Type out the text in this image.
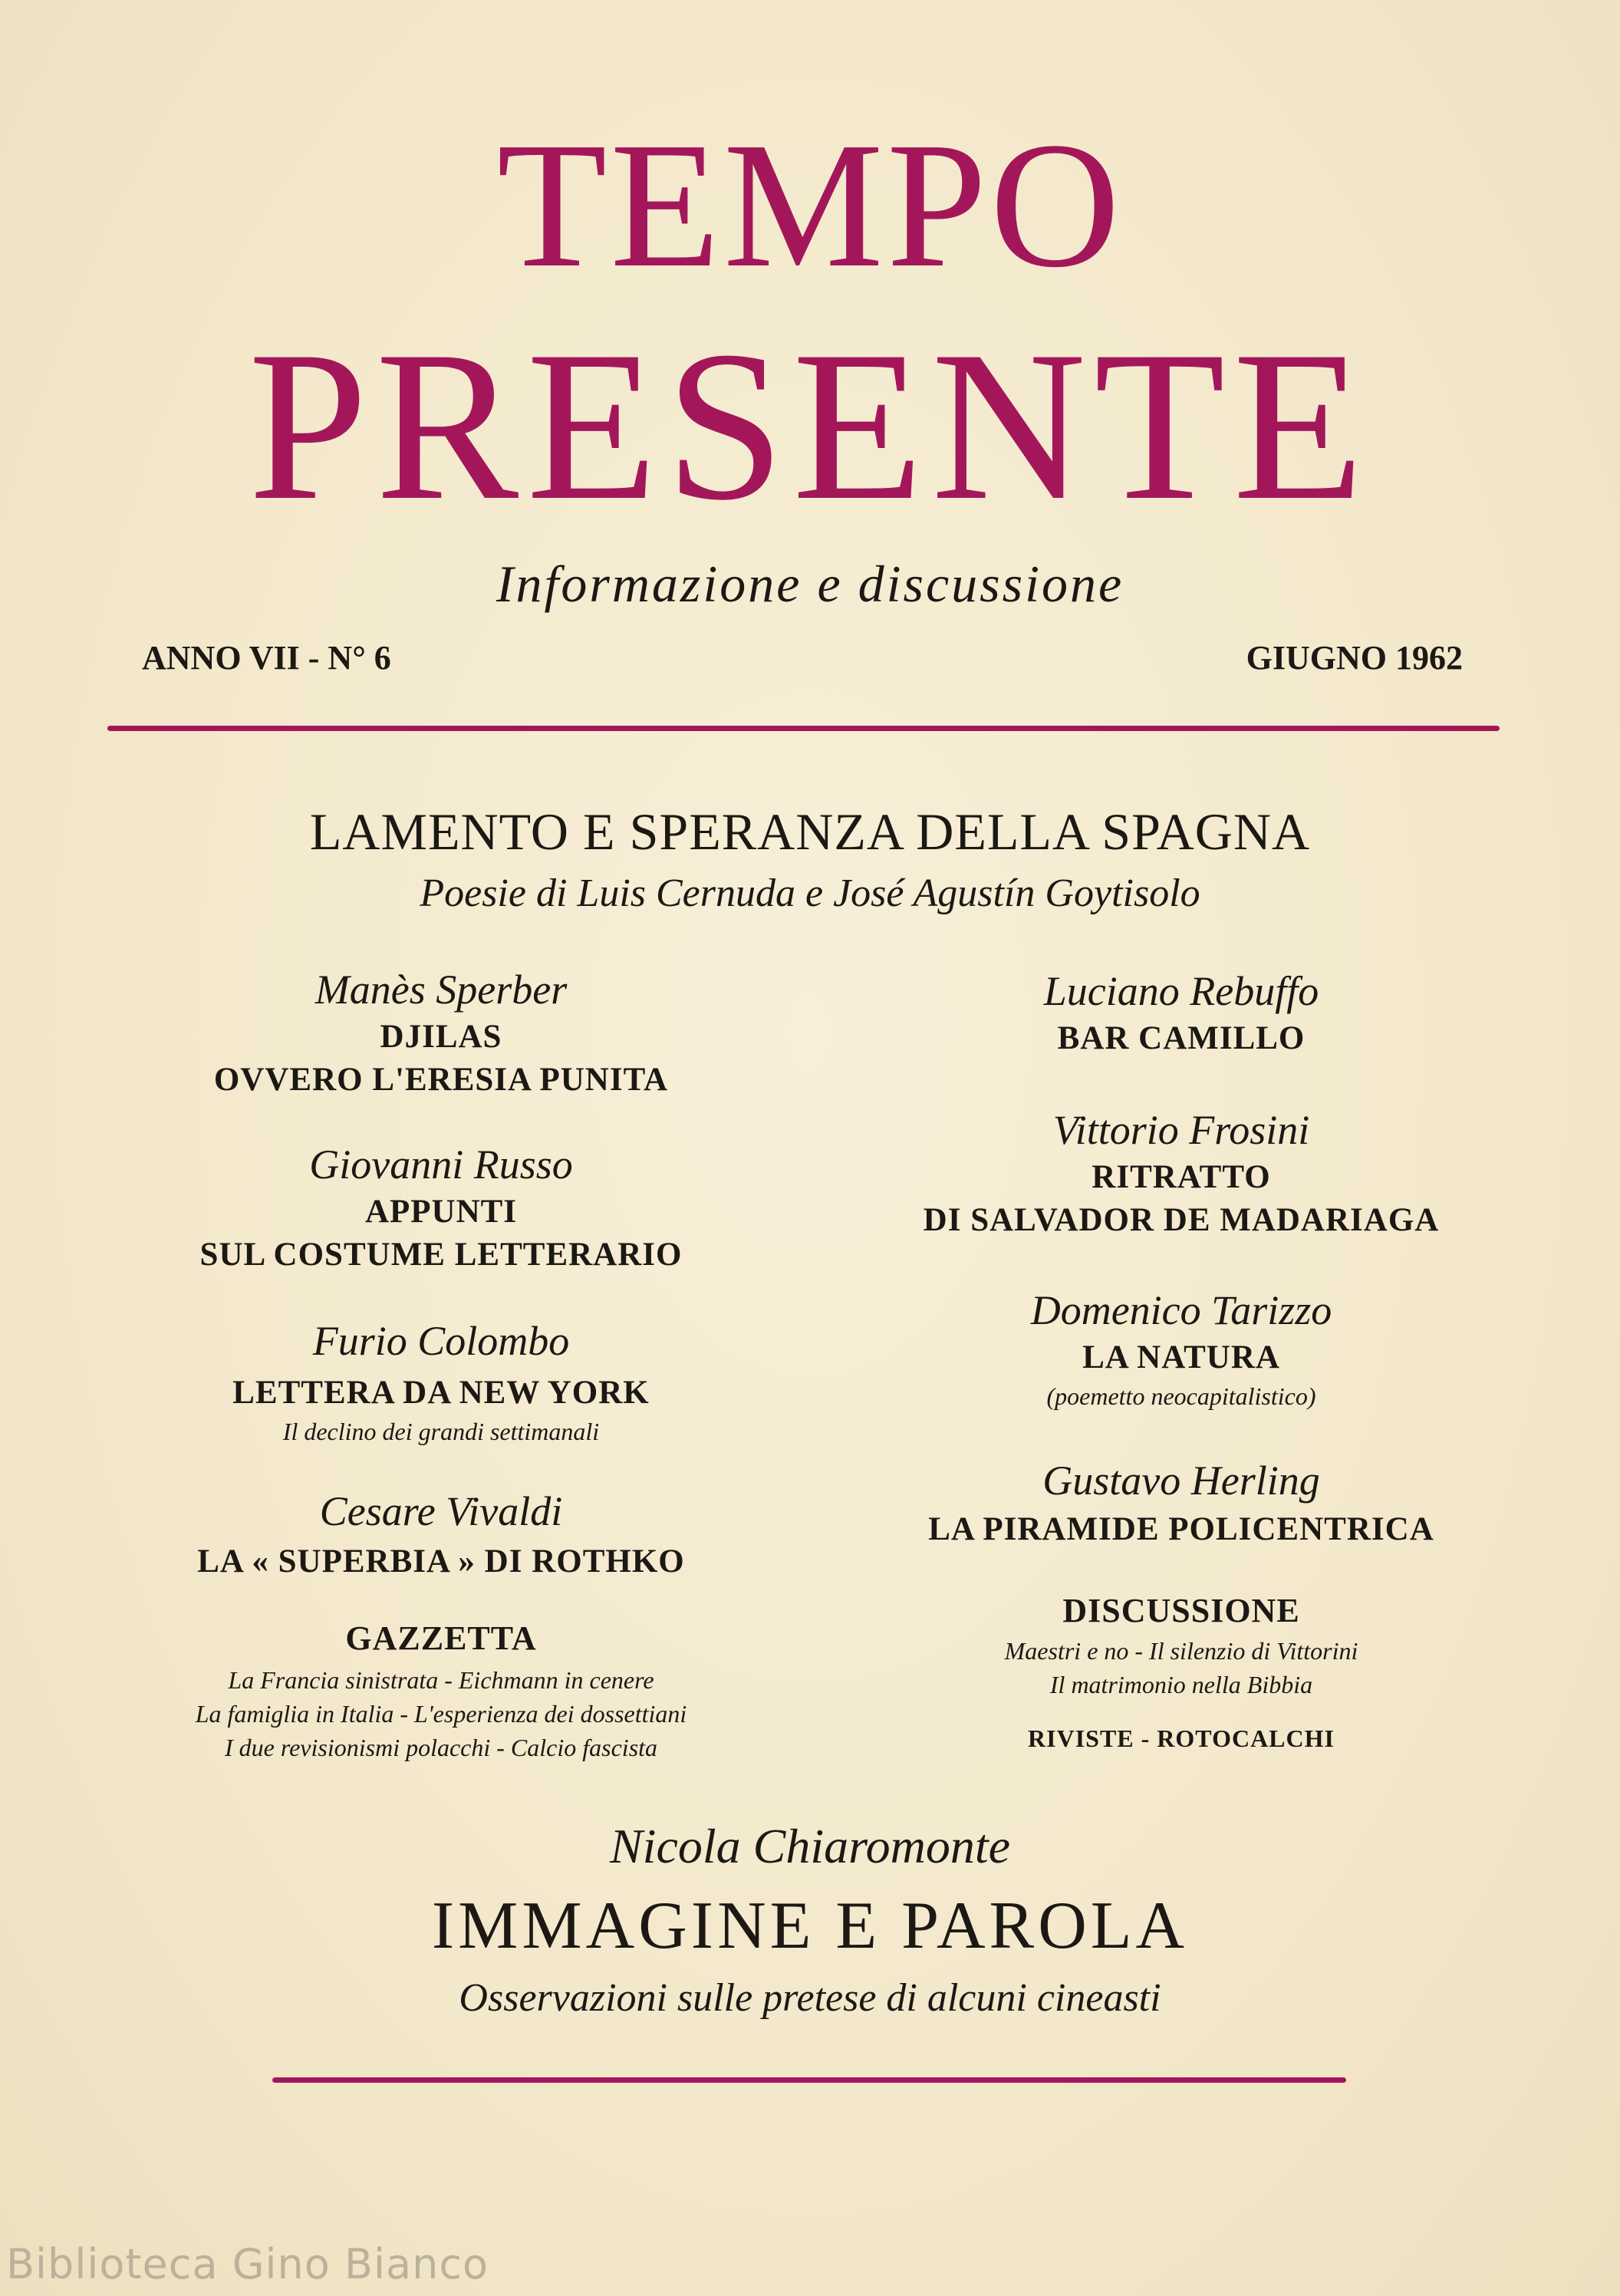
TEMPO
PRESENTE
Informazione e discussione
ANNO VII - N° 6	GIUGNO 1962
LAMENTO E SPERANZA DELLA SPAGNA
Poesie di Luis Cernuda e José Agustín Goytisolo
Manès Sperber
DJILAS
OVVERO L'ERESIA PUNITA
Giovanni Russo
APPUNTI
SUL COSTUME LETTERARIO
Furio Colombo
LETTERA DA NEW YORK
Il declino dei grandi settimanali
Cesare Vivaldi
LA « SUPERBIA » DI ROTHKO
GAZZETTA
La Francia sinistrata - Eichmann in cenere
La famiglia in Italia - L'esperienza dei dossettiani
I due revisionismi polacchi - Calcio fascista
Luciano Rebuffo
BAR CAMILLO
Vittorio Frosini
RITRATTO
DI SALVADOR DE MADARIAGA
Domenico Tarizzo
LA NATURA
(poemetto neocapitalistico)
Gustavo Herling
LA PIRAMIDE POLICENTRICA
DISCUSSIONE
Maestri e no - Il silenzio di Vittorini
Il matrimonio nella Bibbia
RIVISTE - ROTOCALCHI
Nicola Chiaromonte
IMMAGINE E PAROLA
Osservazioni sulle pretese di alcuni cineasti
Biblioteca Gino Bianco
